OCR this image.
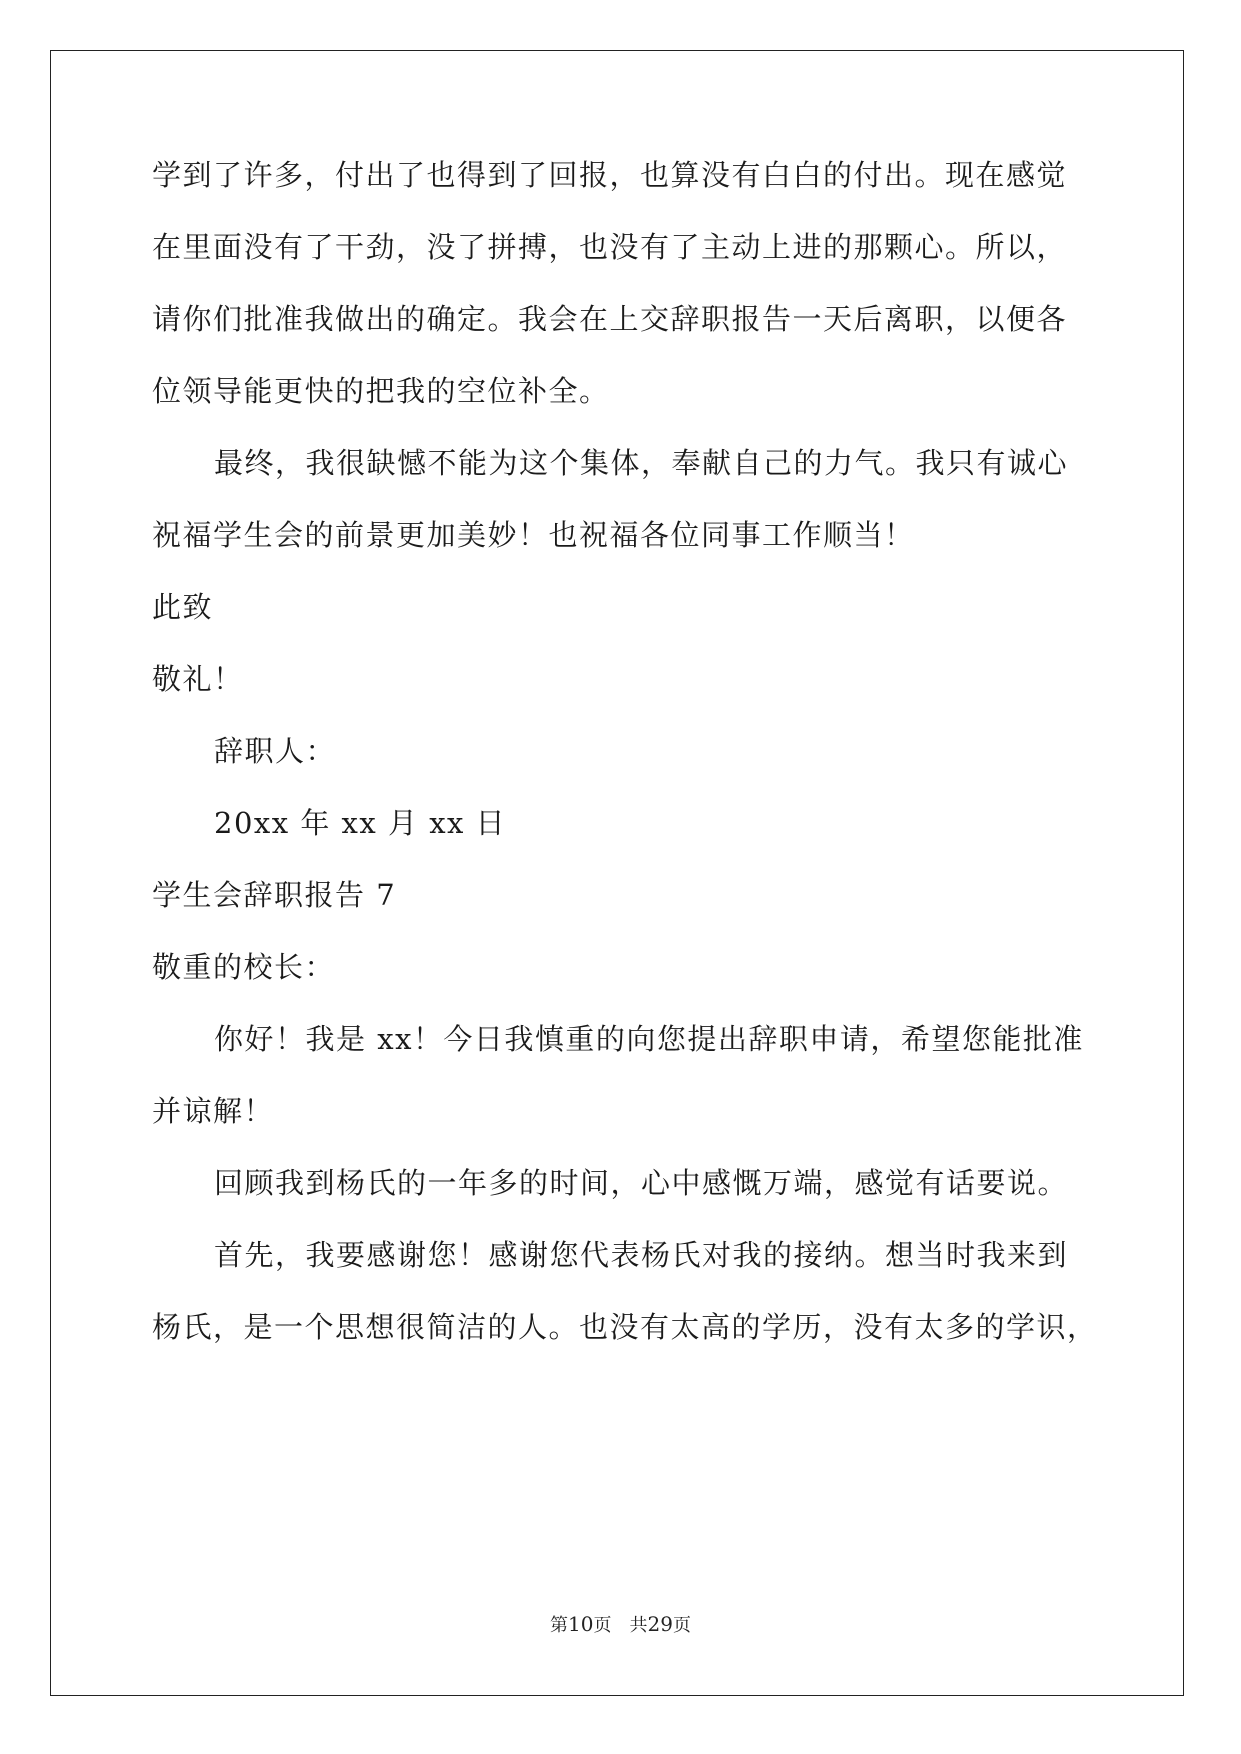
学到了许多，付出了也得到了回报，也算没有白白的付出。现在感觉
在里面没有了干劲，没了拼搏，也没有了主动上进的那颗心。所以，
请你们批准我做出的确定。我会在上交辞职报告一天后离职，以便各
位领导能更快的把我的空位补全。
最终，我很缺憾不能为这个集体，奉献自己的力气。我只有诚心
祝福学生会的前景更加美妙！也祝福各位同事工作顺当！
此致
敬礼！
辞职人：
20xx 年 xx 月 xx 日
学生会辞职报告 7
敬重的校长：
你好！我是 xx！今日我慎重的向您提出辞职申请，希望您能批准
并谅解！
回顾我到杨氏的一年多的时间，心中感慨万端，感觉有话要说。
首先，我要感谢您！感谢您代表杨氏对我的接纳。想当时我来到
杨氏，是一个思想很简洁的人。也没有太高的学历，没有太多的学识，
第10页 共29页
